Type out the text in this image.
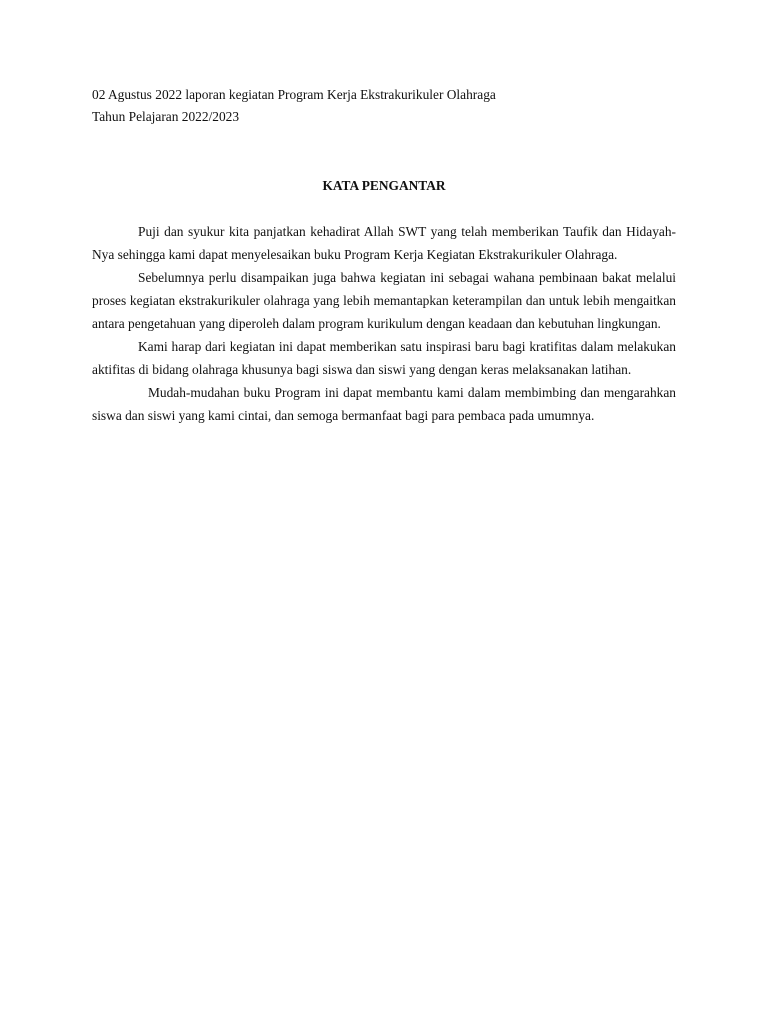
02 Agustus 2022 laporan kegiatan Program Kerja Ekstrakurikuler Olahraga
Tahun Pelajaran 2022/2023
KATA PENGANTAR

Puji dan syukur kita panjatkan kehadirat Allah SWT yang telah memberikan Taufik dan Hidayah-Nya sehingga kami dapat menyelesaikan buku Program Kerja Kegiatan Ekstrakurikuler Olahraga.

Sebelumnya perlu disampaikan juga bahwa kegiatan ini sebagai wahana pembinaan bakat melalui proses kegiatan ekstrakurikuler olahraga yang lebih memantapkan keterampilan dan untuk lebih mengaitkan antara pengetahuan yang diperoleh dalam program kurikulum dengan keadaan dan kebutuhan lingkungan.

Kami harap dari kegiatan ini dapat memberikan satu inspirasi baru bagi kratifitas dalam melakukan aktifitas di bidang olahraga khusunya bagi siswa dan siswi yang dengan keras melaksanakan latihan.

Mudah-mudahan buku Program ini dapat membantu kami dalam membimbing dan mengarahkan siswa dan siswi yang kami cintai, dan semoga bermanfaat bagi para pembaca pada umumnya.
